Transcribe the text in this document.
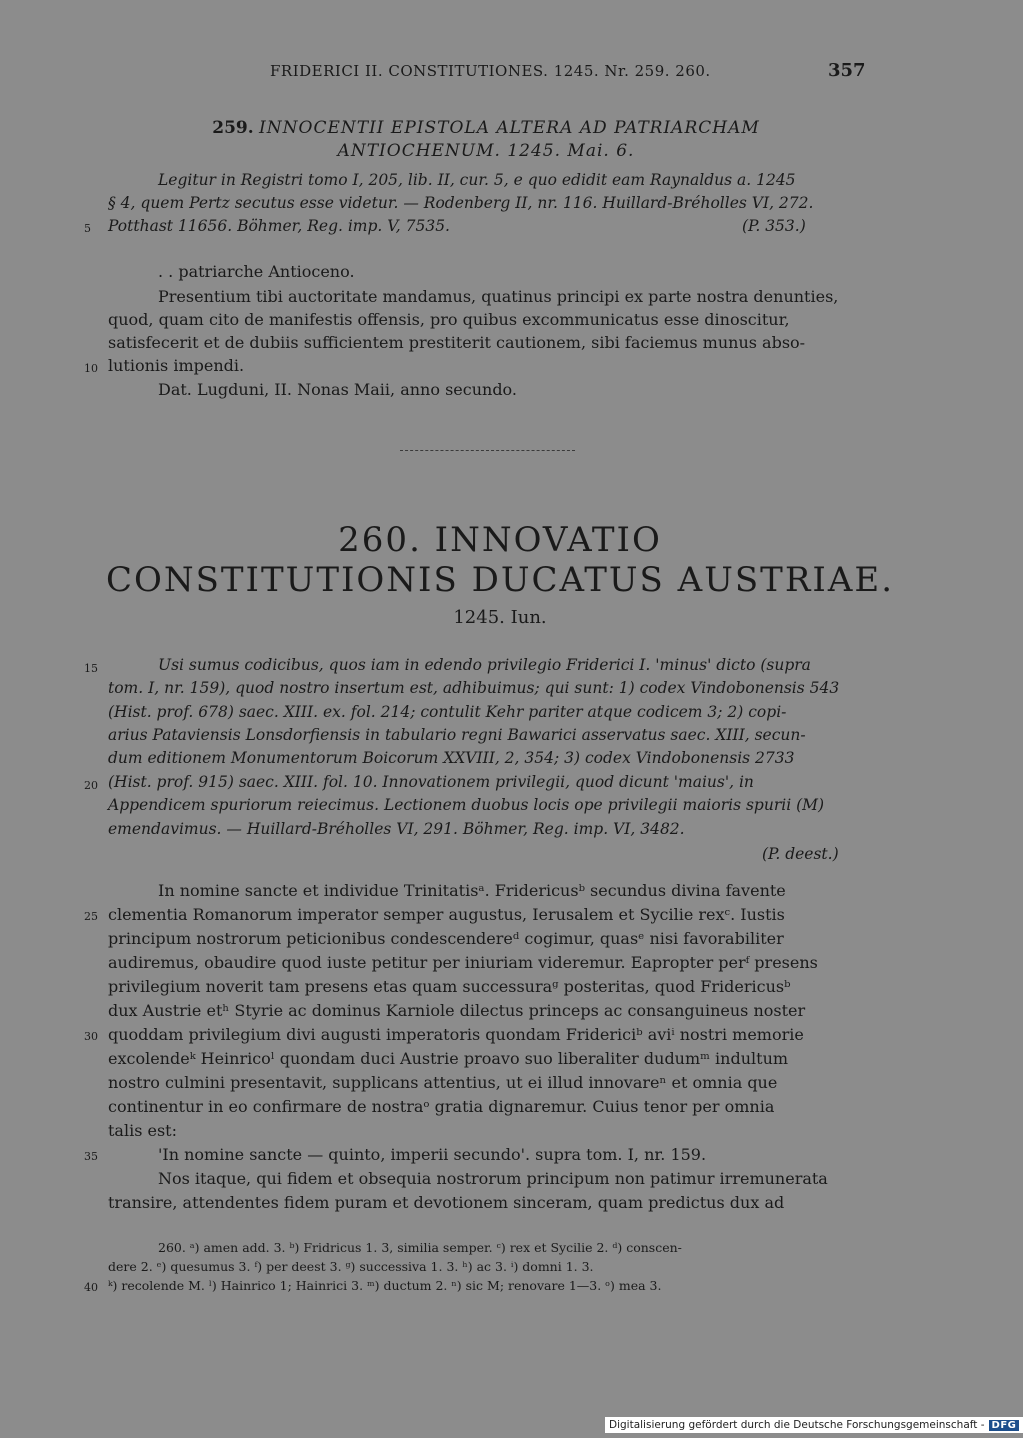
FRIDERICI II. CONSTITUTIONES. 1245. Nr. 259. 260.	357
259. INNOCENTII EPISTOLA ALTERA AD PATRIARCHAM
ANTIOCHENUM. 1245. Mai. 6.
Legitur in Registri tomo I, 205, lib. II, cur. 5, e quo edidit eam Raynaldus a. 1245
§ 4, quem Pertz secutus esse videtur. — Rodenberg II, nr. 116. Huillard-Bréholles VI, 272.
5 Potthast 11656. Böhmer, Reg. imp. V, 7535.	(P. 353.)
. . patriarche Antioceno.
Presentium tibi auctoritate mandamus, quatinus principi ex parte nostra denunties,
quod, quam cito de manifestis offensis, pro quibus excommunicatus esse dinoscitur,
satisfecerit et de dubiis sufficientem prestiterit cautionem, sibi faciemus munus abso-
10 lutionis impendi.
Dat. Lugduni, II. Nonas Maii, anno secundo.
260. INNOVATIO
CONSTITUTIONIS DUCATUS AUSTRIAE.
1245. Iun.
15	Usi sumus codicibus, quos iam in edendo privilegio Friderici I. 'minus' dicto (supra
tom. I, nr. 159), quod nostro insertum est, adhibuimus; qui sunt: 1) codex Vindobonensis 543
(Hist. prof. 678) saec. XIII. ex. fol. 214; contulit Kehr pariter atque codicem 3; 2) copi-
arius Pataviensis Lonsdorfiensis in tabulario regni Bawarici asservatus saec. XIII, secun-
dum editionem Monumentorum Boicorum XXVIII, 2, 354; 3) codex Vindobonensis 2733
20 (Hist. prof. 915) saec. XIII. fol. 10. Innovationem privilegii, quod dicunt 'maius', in
Appendicem spuriorum reiecimus. Lectionem duobus locis ope privilegii maioris spurii (M)
emendavimus. — Huillard-Bréholles VI, 291. Böhmer, Reg. imp. VI, 3482.
(P. deest.)
In nomine sancte et individue Trinitatisᵃ. Fridericusᵇ secundus divina favente
25 clementia Romanorum imperator semper augustus, Ierusalem et Sycilie rexᶜ. Iustis
principum nostrorum peticionibus condescendereᵈ cogimur, quasᵉ nisi favorabiliter
audiremus, obaudire quod iuste petitur per iniuriam videremur. Eapropter perᶠ presens
privilegium noverit tam presens etas quam successuraᵍ posteritas, quod Fridericusᵇ
dux Austrie etʰ Styrie ac dominus Karniole dilectus princeps ac consanguineus noster
30 quoddam privilegium divi augusti imperatoris quondam Fridericiᵇ aviⁱ nostri memorie
excolendeᵏ Heinricoˡ quondam duci Austrie proavo suo liberaliter dudumᵐ indultum
nostro culmini presentavit, supplicans attentius, ut ei illud innovareⁿ et omnia que
continentur in eo confirmare de nostraᵒ gratia dignaremur. Cuius tenor per omnia
talis est:
35	'In nomine sancte — quinto, imperii secundo'. supra tom. I, nr. 159.
Nos itaque, qui fidem et obsequia nostrorum principum non patimur irremunerata
transire, attendentes fidem puram et devotionem sinceram, quam predictus dux ad
260. ᵃ) amen add. 3. ᵇ) Fridricus 1. 3, similia semper. ᶜ) rex et Sycilie 2. ᵈ) conscen-
dere 2. ᵉ) quesumus 3. ᶠ) per deest 3. ᵍ) successiva 1. 3. ʰ) ac 3. ⁱ) domni 1. 3.
40 ᵏ) recolende M. ˡ) Hainrico 1; Hainrici 3. ᵐ) ductum 2. ⁿ) sic M; renovare 1—3. ᵒ) mea 3.
Digitalisierung gefördert durch die Deutsche Forschungsgemeinschaft - DFG
